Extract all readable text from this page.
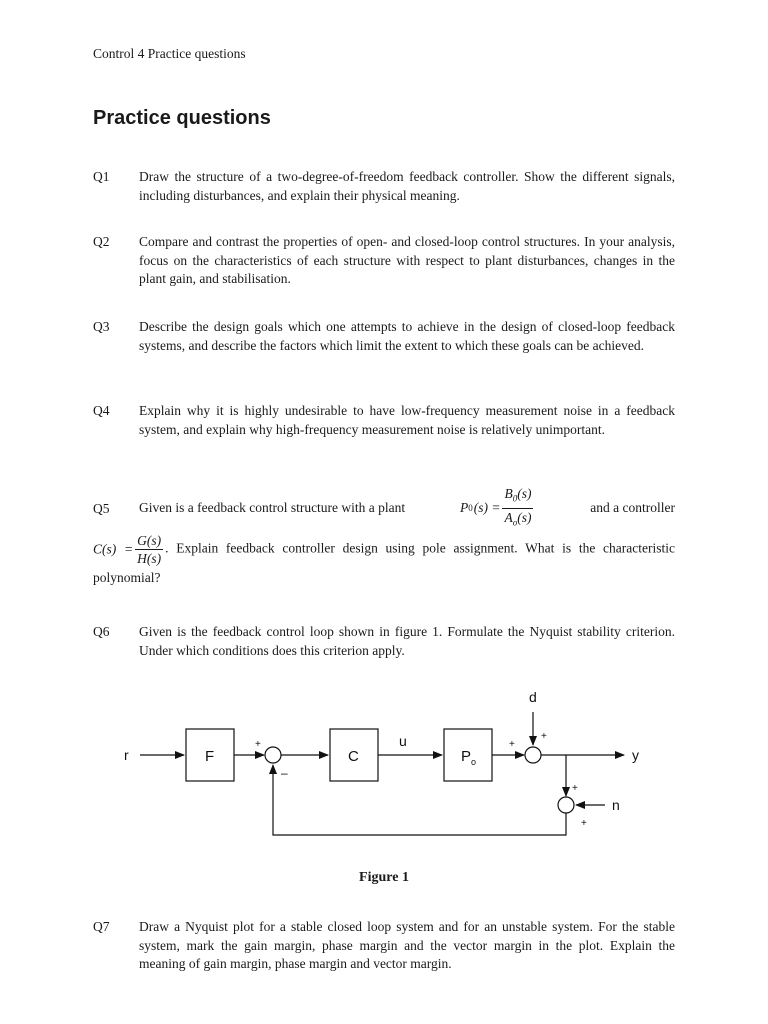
Control 4 Practice questions
Practice questions
Q1 Draw the structure of a two-degree-of-freedom feedback controller. Show the different signals, including disturbances, and explain their physical meaning.
Q2 Compare and contrast the properties of open- and closed-loop control structures. In your analysis, focus on the characteristics of each structure with respect to plant disturbances, changes in the plant gain, and stabilisation.
Q3 Describe the design goals which one attempts to achieve in the design of closed-loop feedback systems, and describe the factors which limit the extent to which these goals can be achieved.
Q4 Explain why it is highly undesirable to have low-frequency measurement noise in a feedback system, and explain why high-frequency measurement noise is relatively unimportant.
Q5 Given is a feedback control structure with a plant	P 0 $(s) = \frac{B_0(s)}{A_o(s)}$	and a controller
$C(s) = \frac{G(s)}{H(s)}$ . Explain feedback controller design using pole assignment. What is the characteristic polynomial?
Q6 Given is the feedback control loop shown in figure 1. Formulate the Nyquist stability criterion. Under which conditions does this criterion apply.
r	F	C
u
P o
d
y
n
+
–
+
+
+
+
Figure 1
Q7 Draw a Nyquist plot for a stable closed loop system and for an unstable system. For the stable system, mark the gain margin, phase margin and the vector margin in the plot. Explain the meaning of gain margin, phase margin and vector margin.
